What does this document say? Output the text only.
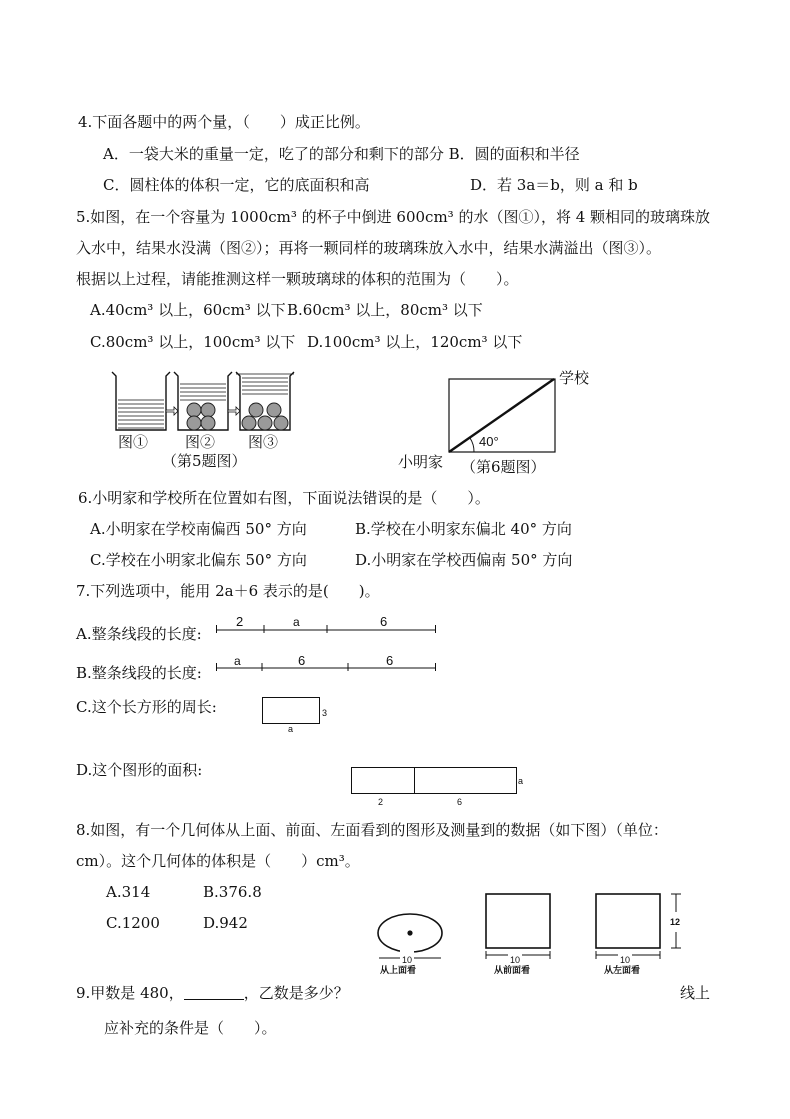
4.下面各题中的两个量，（　　）成正比例。
A．一袋大米的重量一定，吃了的部分和剩下的部分 B．圆的面积和半径
C．圆柱体的体积一定，它的底面积和高	D．若 3a＝b，则 a 和 b
5.如图，在一个容量为 1000cm³ 的杯子中倒进 600cm³ 的水（图①），将 4 颗相同的玻璃珠放
入水中，结果水没满（图②）；再将一颗同样的玻璃珠放入水中，结果水满溢出（图③）。
根据以上过程，请能推测这样一颗玻璃球的体积的范围为（　　）。
A.40cm³ 以上，60cm³ 以下 B.60cm³ 以上，80cm³ 以下
C.80cm³ 以上，100cm³ 以下 D.100cm³ 以上，120cm³ 以下
图① 图② 图③
（第5题图）
学校
小明家
40°
（第6题图）
6.小明家和学校所在位置如右图，下面说法错误的是（　　）。
A.小明家在学校南偏西 50° 方向	B.学校在小明家东偏北 40° 方向
C.学校在小明家北偏东 50° 方向	D.小明家在学校西偏南 50° 方向
7.下列选项中，能用 2a＋6 表示的是(　　)。
A.整条线段的长度:
2	a	6
B.整条线段的长度:
a	6	6
C.这个长方形的周长:	3
a
D.这个图形的面积:
a
2	6
8.如图，有一个几何体从上面、前面、左面看到的图形及测量到的数据（如下图）（单位：
cm）。这个几何体的体积是（　　）cm³。
A.314	B.376.8
C.1200	D.942
10	10	10
12
从上面看	从前面看	从左面看
9.甲数是 480，	，乙数是多少？	线上
应补充的条件是（　　）。
